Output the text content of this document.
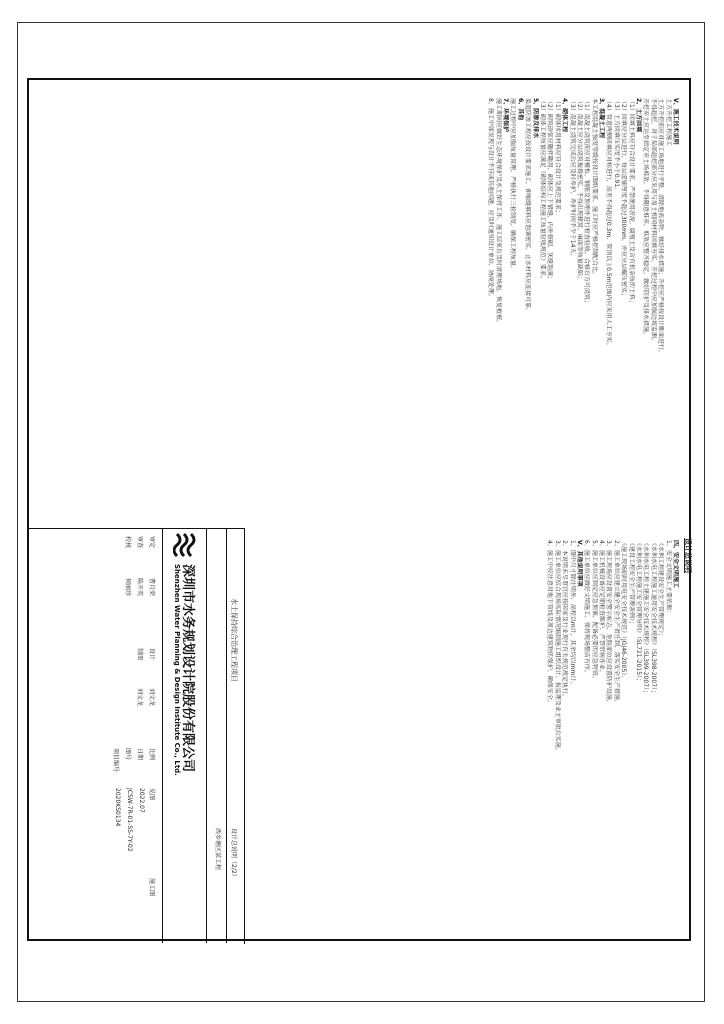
设计总说明
V、施工技术说明
土方开挖工程施工
土方开挖前应对施工场地进行平整，清除地表杂物，做好排水措施；开挖应严格按设计断面进行，
不得超挖，对于局部超挖部分应采用与原土相同材料回填夯实，开挖过程中应加强边坡监测。
开挖弃土应运至指定弃土场堆放，不得随意堆弃，堆放应整齐稳定，做好防护及排水措施。
2、土方回填
（1）回填土料应符合设计要求，严禁使用淤泥、腐殖土及含有机杂质的土料；
（2）回填应分层进行，每层虚铺厚度不超过300mm，并应分层碾压密实；
（3）土方回填压实度不小于0.91。
（4）管道两侧回填应对称进行，高差不得超过0.3m，管顶以上0.5m范围内应采用人工夯实。
3、混凝土工程
本工程混凝土强度等级按设计图纸要求，施工时应严格控制配合比。
（1）混凝土浇筑前应对模板、钢筋及预埋件进行检查验收，合格后方可浇筑；
（2）混凝土应分层浇筑振捣密实，不得出现蜂窝、麻面等质量缺陷；
（3）混凝土浇筑完成后应及时养护，养护时间不少于14天。
4、砌体工程
（1）砌体所用材料应符合设计及规范要求；
（2）砌筑砂浆应随拌随用，砌体应上下错缝，内外搭砌，灰缝饱满；
（3）砌体工程质量应满足《砌体结构工程施工质量验收规范》要求。
5、防渗及排水
渠道防渗工程应按设计要求施工，伸缩缝填料应饱满密实，止水材料应连接可靠。
6、其他
施工过程中应加强质量管理，严格执行三检制度，确保工程质量。
7、环境保护
施工期间应做好生态环境保护及水土保持工作，施工结束后及时清理场地，恢复植被。
8、施工中如发现与设计不符或其他问题，应及时通知设计单位，协商处理。
四、安全文明施工
1、安全文明施工主要依据：
《水利工程建设安全生产管理规定》；
《水利水电工程施工通用安全技术规程》（SL398-2007）；
《水利水电工程土建施工安全技术规程》（SL399-2007）；
《水利水电工程施工安全管理导则》（SL721-2015）；
《建设工程安全生产管理条例》；
《施工现场临时用电安全技术规范》（JGJ46-2005）。
2、施工单位应建立健全安全生产责任制，落实安全生产措施。
3、施工现场应设置安全警示标志，危险部位应设置防护设施。
4、施工机械设备应定期检查维护，严禁带病作业。
5、施工单位应制定应急预案，配备必要的应急物资。
6、施工单位应做好文明施工，保持现场整洁有序。
V、其他说明事项
1、图中尺寸除注明外，高程以m计，其余均以mm计。
2、本说明未尽事宜应按国家及行业现行有关规范规定执行。
3、施工单位应结合现场实际情况编制施工组织设计，报监理及业主审批后实施。
4、施工中应注意对地下管线及周边建筑物的保护，确保安全。
水土保持综合治理工程项目
设计总说明（2/2）
西乡塘区某工程
深圳市水务规划设计院股份有限公司
Shenzhen Water Planning & Design Institute Co., Ltd.
审定
曹月荣
审查
陈开英
校核
何丽珍
设计
刘文龙
制图
刘文龙
比例
见图
日期
2022.07
图号
JCSW-7R-01-SS-7Y-02
项目编号
2020KS0134
施工图
